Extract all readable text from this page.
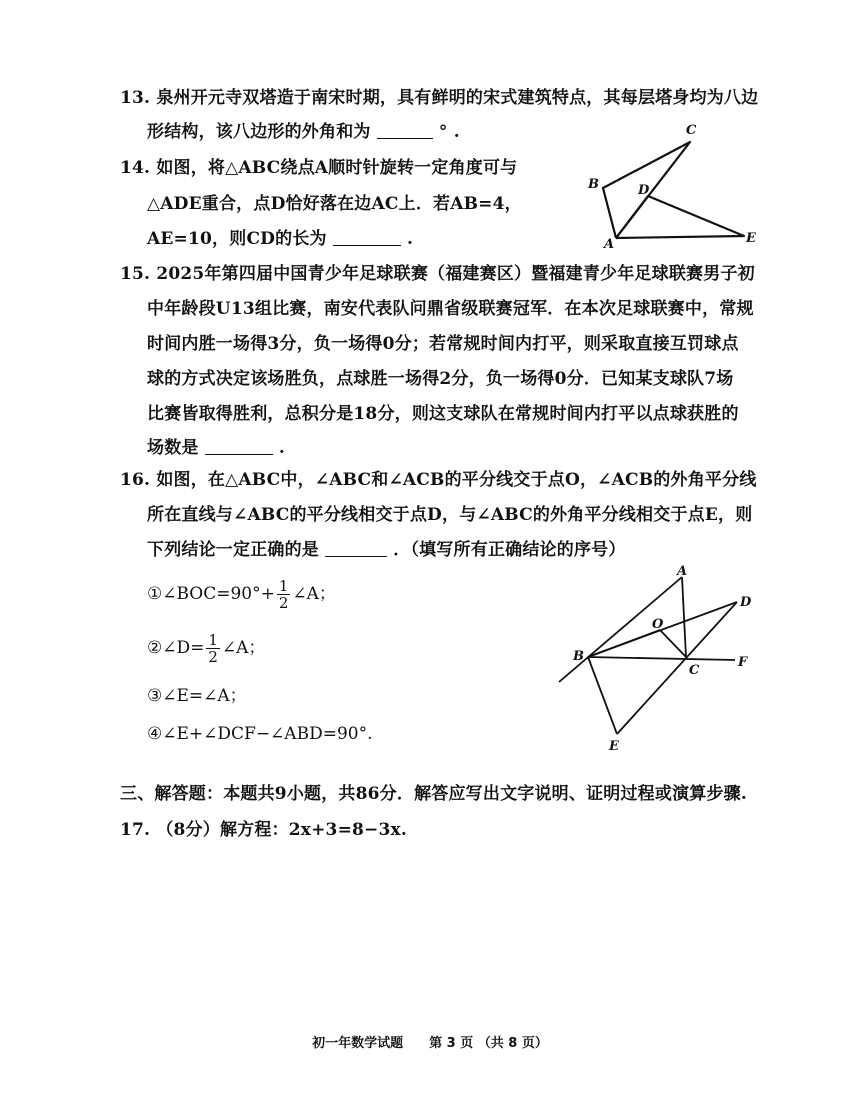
13. 泉州开元寺双塔造于南宋时期，具有鲜明的宋式建筑特点，其每层塔身均为八边
形结构，该八边形的外角和为	° .
14. 如图，将△ABC绕点A顺时针旋转一定角度可与
△ADE重合，点D恰好落在边AC上．若AB=4，
AE=10，则CD的长为	.
C
B	D
A	E
15. 2025年第四届中国青少年足球联赛（福建赛区）暨福建青少年足球联赛男子初
中年龄段U13组比赛，南安代表队问鼎省级联赛冠军．在本次足球联赛中，常规
时间内胜一场得3分，负一场得0分；若常规时间内打平，则采取直接互罚球点
球的方式决定该场胜负，点球胜一场得2分，负一场得0分．已知某支球队7场
比赛皆取得胜利，总积分是18分，则这支球队在常规时间内打平以点球获胜的
场数是	.
16. 如图，在△ABC中，∠ABC和∠ACB的平分线交于点O，∠ACB的外角平分线
所在直线与∠ABC的平分线相交于点D，与∠ABC的外角平分线相交于点E，则
下列结论一定正确的是	．（填写所有正确结论的序号）
①∠BOC=90°+ $\frac{1}{2}$ ∠A；
②∠D= $\frac{1}{2}$ ∠A；
③∠E=∠A；
④∠E+∠DCF−∠ABD=90°.
A
D
O
B
C
F
E
三、解答题：本题共9小题，共86分．解答应写出文字说明、证明过程或演算步骤.
17. （8分）解方程：2x+3=8−3x.
初一年数学试题　　第 3 页 （共 8 页）
